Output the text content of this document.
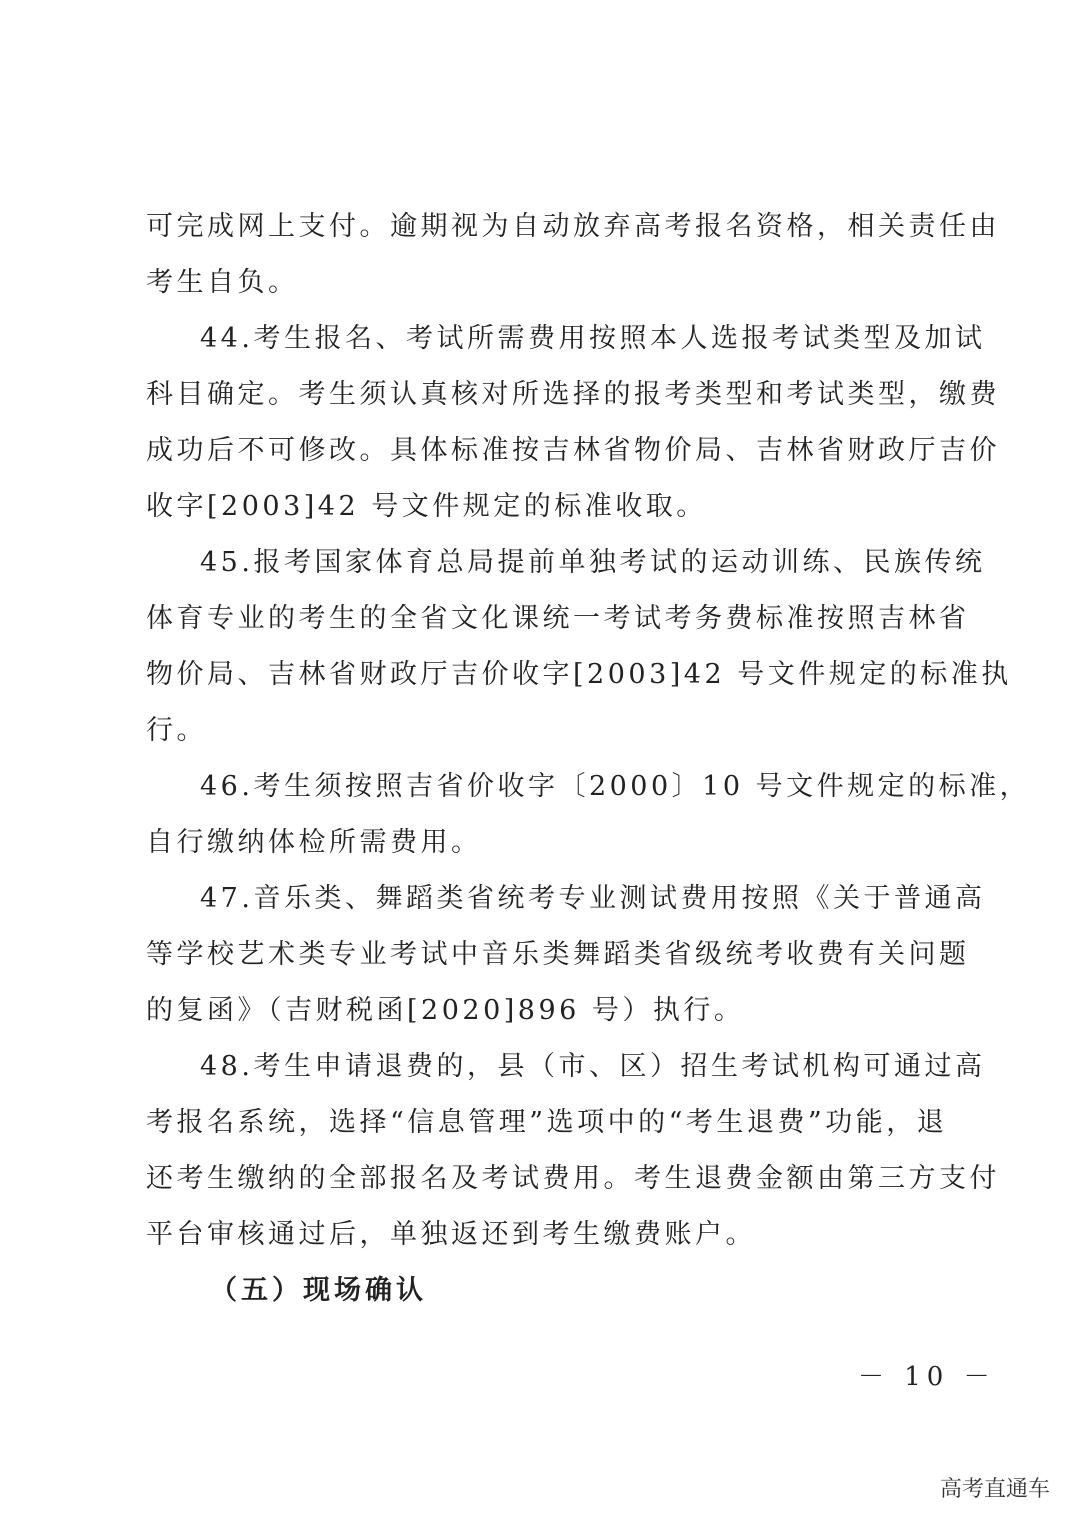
可完成网上支付。逾期视为自动放弃高考报名资格，相关责任由
考生自负。
44.考生报名、考试所需费用按照本人选报考试类型及加试
科目确定。考生须认真核对所选择的报考类型和考试类型，缴费
成功后不可修改。具体标准按吉林省物价局、吉林省财政厅吉价
收字[2003]42 号文件规定的标准收取。
45.报考国家体育总局提前单独考试的运动训练、民族传统
体育专业的考生的全省文化课统一考试考务费标准按照吉林省
物价局、吉林省财政厅吉价收字[2003]42 号文件规定的标准执
行。
46.考生须按照吉省价收字〔2000〕10 号文件规定的标准，
自行缴纳体检所需费用。
47.音乐类、舞蹈类省统考专业测试费用按照《关于普通高
等学校艺术类专业考试中音乐类舞蹈类省级统考收费有关问题
的复函》（吉财税函[2020]896 号）执行。
48.考生申请退费的，县（市、区）招生考试机构可通过高
考报名系统，选择“信息管理”选项中的“考生退费”功能，退
还考生缴纳的全部报名及考试费用。考生退费金额由第三方支付
平台审核通过后，单独返还到考生缴费账户。
（五）现场确认
－ 10 －
高考直通车
